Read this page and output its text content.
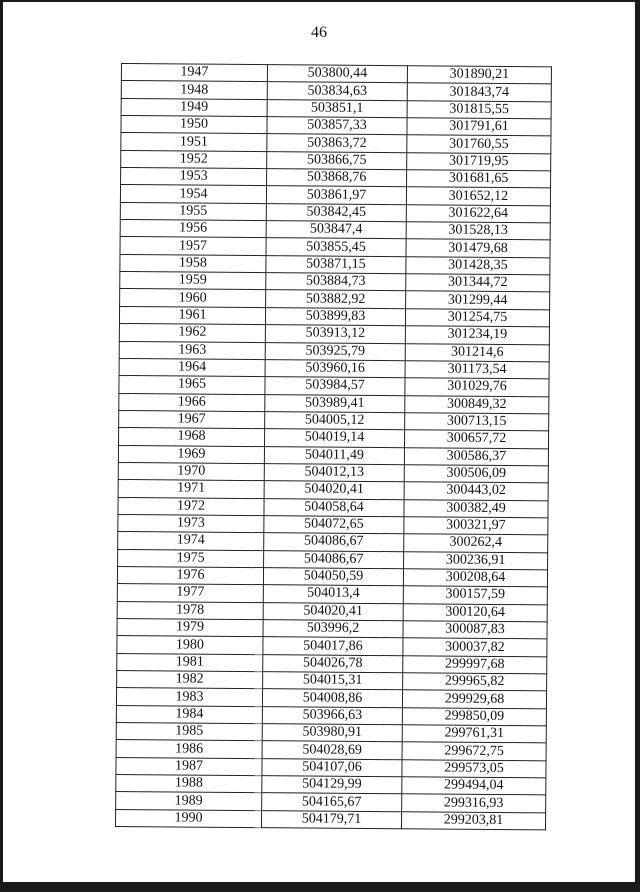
46
1947	503800,44	301890,21
1948	503834,63	301843,74
1949	503851,1	301815,55
1950	503857,33	301791,61
1951	503863,72	301760,55
1952	503866,75	301719,95
1953	503868,76	301681,65
1954	503861,97	301652,12
1955	503842,45	301622,64
1956	503847,4	301528,13
1957	503855,45	301479,68
1958	503871,15	301428,35
1959	503884,73	301344,72
1960	503882,92	301299,44
1961	503899,83	301254,75
1962	503913,12	301234,19
1963	503925,79	301214,6
1964	503960,16	301173,54
1965	503984,57	301029,76
1966	503989,41	300849,32
1967	504005,12	300713,15
1968	504019,14	300657,72
1969	504011,49	300586,37
1970	504012,13	300506,09
1971	504020,41	300443,02
1972	504058,64	300382,49
1973	504072,65	300321,97
1974	504086,67	300262,4
1975	504086,67	300236,91
1976	504050,59	300208,64
1977	504013,4	300157,59
1978	504020,41	300120,64
1979	503996,2	300087,83
1980	504017,86	300037,82
1981	504026,78	299997,68
1982	504015,31	299965,82
1983	504008,86	299929,68
1984	503966,63	299850,09
1985	503980,91	299761,31
1986	504028,69	299672,75
1987	504107,06	299573,05
1988	504129,99	299494,04
1989	504165,67	299316,93
1990	504179,71	299203,81
